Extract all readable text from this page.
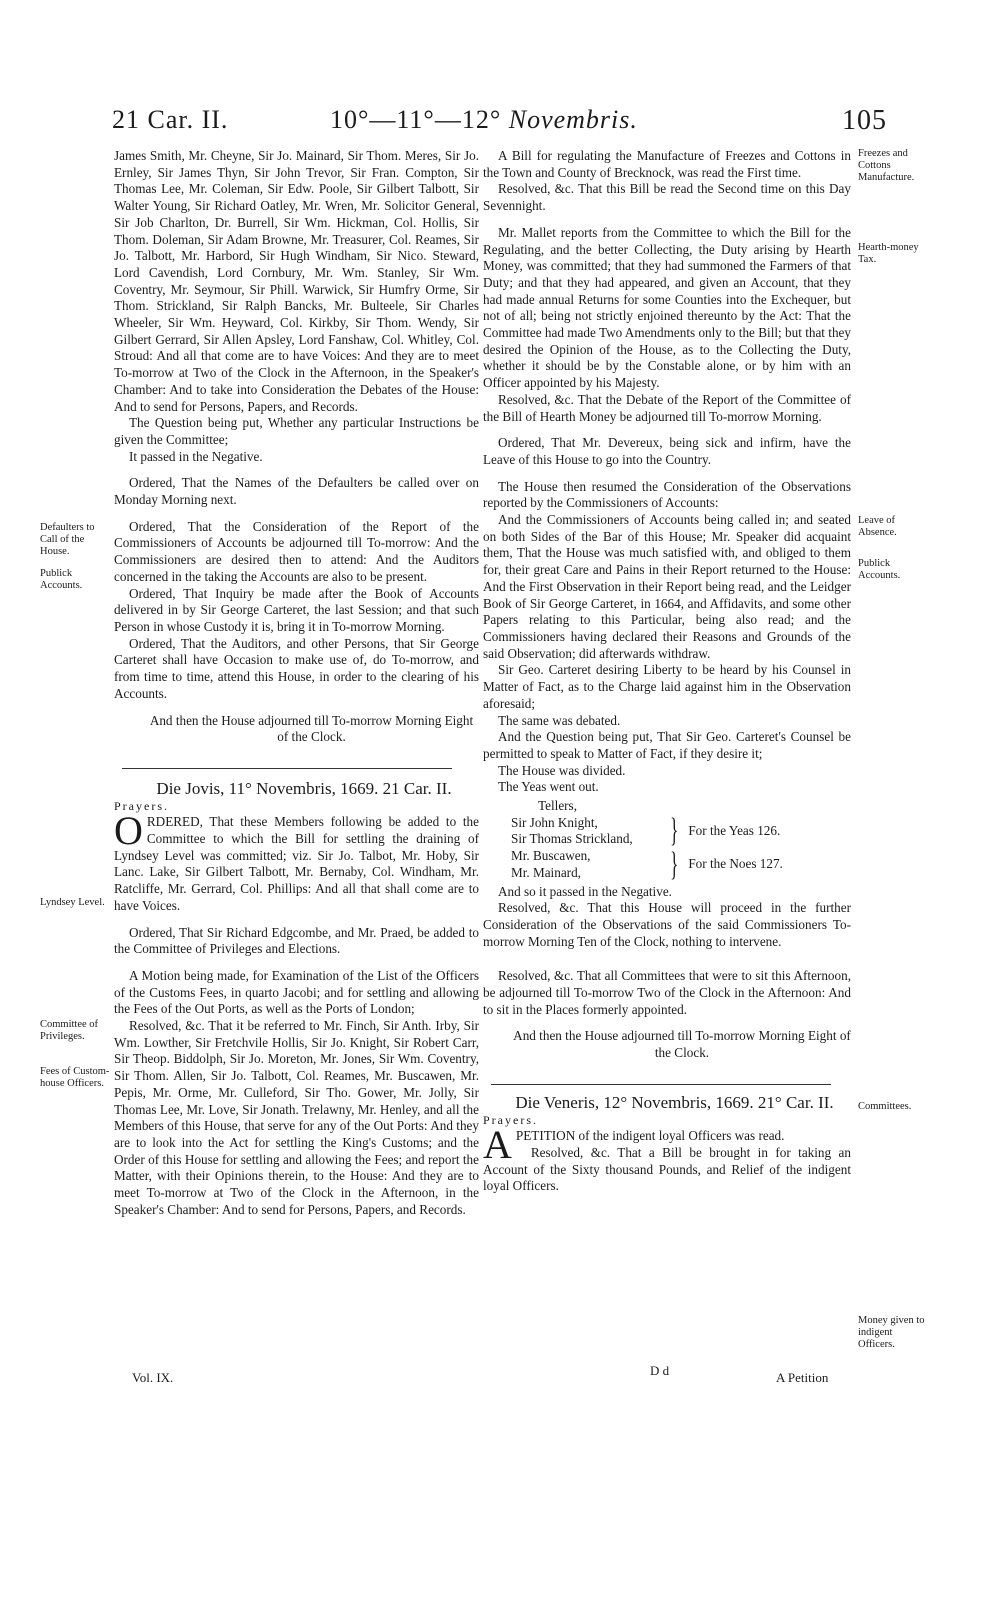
21 Car. II.	10°—11°—12° Novembris.	105

James Smith, Mr. Cheyne, Sir Jo. Mainard, Sir Thom. Meres, Sir Jo. Ernley, Sir James Thyn, Sir John Trevor, Sir Fran. Compton, Sir Thomas Lee, Mr. Coleman, Sir Edw. Poole, Sir Gilbert Talbott, Sir Walter Young, Sir Richard Oatley, Mr. Wren, Mr. Solicitor General, Sir Job Charlton, Dr. Burrell, Sir Wm. Hickman, Col. Hollis, Sir Thom. Doleman, Sir Adam Browne, Mr. Treasurer, Col. Reames, Sir Jo. Talbott, Mr. Harbord, Sir Hugh Windham, Sir Nico. Steward, Lord Cavendish, Lord Cornbury, Mr. Wm. Stanley, Sir Wm. Coventry, Mr. Seymour, Sir Phill. Warwick, Sir Humfry Orme, Sir Thom. Strickland, Sir Ralph Bancks, Mr. Bulteele, Sir Charles Wheeler, Sir Wm. Heyward, Col. Kirkby, Sir Thom. Wendy, Sir Gilbert Gerrard, Sir Allen Apsley, Lord Fanshaw, Col. Whitley, Col. Stroud: And all that come are to have Voices: And they are to meet To-morrow at Two of the Clock in the Afternoon, in the Speaker's Chamber: And to take into Consideration the Debates of the House: And to send for Persons, Papers, and Records.

The Question being put, Whether any particular Instructions be given the Committee;

It passed in the Negative.

Ordered, That the Names of the Defaulters be called over on Monday Morning next.

Ordered, That the Consideration of the Report of the Commissioners of Accounts be adjourned till To-morrow: And the Commissioners are desired then to attend: And the Auditors concerned in the taking the Accounts are also to be present.

Ordered, That Inquiry be made after the Book of Accounts delivered in by Sir George Carteret, the last Session; and that such Person in whose Custody it is, bring it in To-morrow Morning.

Ordered, That the Auditors, and other Persons, that Sir George Carteret shall have Occasion to make use of, do To-morrow, and from time to time, attend this House, in order to the clearing of his Accounts.

And then the House adjourned till To-morrow Morning Eight of the Clock.

Die Jovis, 11° Novembris, 1669. 21 Car. II.

Prayers.

ORDERED, That these Members following be added to the Committee to which the Bill for settling the draining of Lyndsey Level was committed; viz. Sir Jo. Talbot, Mr. Hoby, Sir Lanc. Lake, Sir Gilbert Talbott, Mr. Bernaby, Col. Windham, Mr. Ratcliffe, Mr. Gerrard, Col. Phillips: And all that shall come are to have Voices.

Ordered, That Sir Richard Edgcombe, and Mr. Praed, be added to the Committee of Privileges and Elections.

A Motion being made, for Examination of the List of the Officers of the Customs Fees, in quarto Jacobi; and for settling and allowing the Fees of the Out Ports, as well as the Ports of London;

Resolved, &c. That it be referred to Mr. Finch, Sir Anth. Irby, Sir Wm. Lowther, Sir Fretchvile Hollis, Sir Jo. Knight, Sir Robert Carr, Sir Theop. Biddolph, Sir Jo. Moreton, Mr. Jones, Sir Wm. Coventry, Sir Thom. Allen, Sir Jo. Talbott, Col. Reames, Mr. Buscawen, Mr. Pepis, Mr. Orme, Mr. Culleford, Sir Tho. Gower, Mr. Jolly, Sir Thomas Lee, Mr. Love, Sir Jonath. Trelawny, Mr. Henley, and all the Members of this House, that serve for any of the Out Ports: And they are to look into the Act for settling the King's Customs; and the Order of this House for settling and allowing the Fees; and report the Matter, with their Opinions therein, to the House: And they are to meet To-morrow at Two of the Clock in the Afternoon, in the Speaker's Chamber: And to send for Persons, Papers, and Records.

A Bill for regulating the Manufacture of Freezes and Cottons in the Town and County of Brecknock, was read the First time.

Resolved, &c. That this Bill be read the Second time on this Day Sevennight.

Mr. Mallet reports from the Committee to which the Bill for the Regulating, and the better Collecting, the Duty arising by Hearth Money, was committed; that they had summoned the Farmers of that Duty; and that they had appeared, and given an Account, that they had made annual Returns for some Counties into the Exchequer, but not of all; being not strictly enjoined thereunto by the Act: That the Committee had made Two Amendments only to the Bill; but that they desired the Opinion of the House, as to the Collecting the Duty, whether it should be by the Constable alone, or by him with an Officer appointed by his Majesty.

Resolved, &c. That the Debate of the Report of the Committee of the Bill of Hearth Money be adjourned till To-morrow Morning.

Ordered, That Mr. Devereux, being sick and infirm, have the Leave of this House to go into the Country.

The House then resumed the Consideration of the Observations reported by the Commissioners of Accounts:

And the Commissioners of Accounts being called in; and seated on both Sides of the Bar of this House; Mr. Speaker did acquaint them, That the House was much satisfied with, and obliged to them for, their great Care and Pains in their Report returned to the House: And the First Observation in their Report being read, and the Leidger Book of Sir George Carteret, in 1664, and Affidavits, and some other Papers relating to this Particular, being also read; and the Commissioners having declared their Reasons and Grounds of the said Observation; did afterwards withdraw.

Sir Geo. Carteret desiring Liberty to be heard by his Counsel in Matter of Fact, as to the Charge laid against him in the Observation aforesaid;

The same was debated.

And the Question being put, That Sir Geo. Carteret's Counsel be permitted to speak to Matter of Fact, if they desire it;

The House was divided.

The Yeas went out.

Tellers,
Sir John Knight,
Sir Thomas Strickland,	} For the Yeas 126.
Mr. Buscawen,
Mr. Mainard,	} For the Noes 127.

And so it passed in the Negative.

Resolved, &c. That this House will proceed in the further Consideration of the Observations of the said Commissioners To-morrow Morning Ten of the Clock, nothing to intervene.

Resolved, &c. That all Committees that were to sit this Afternoon, be adjourned till To-morrow Two of the Clock in the Afternoon: And to sit in the Places formerly appointed.

And then the House adjourned till To-morrow Morning Eight of the Clock.

Die Veneris, 12° Novembris, 1669. 21° Car. II.

Prayers.

APETITION of the indigent loyal Officers was read.

Resolved, &c. That a Bill be brought in for taking an Account of the Sixty thousand Pounds, and Relief of the indigent loyal Officers.

Defaulters to Call of the House.
Publick Accounts.
Lyndsey Level.
Committee of Privileges.
Fees of Custom-house Officers.
Freezes and Cottons Manufacture.
Hearth-money Tax.
Leave of Absence.
Publick Accounts.
Committees.
Money given to indigent Officers.
Vol. IX.	D d	A Petition
